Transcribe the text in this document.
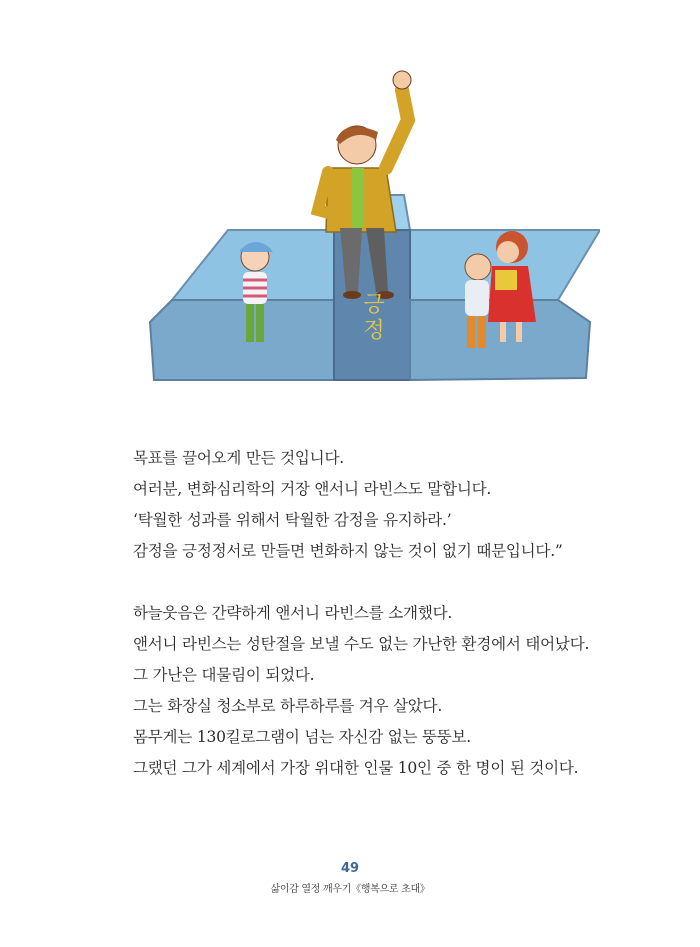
긍정

목표를 끌어오게 만든 것입니다.

여러분, 변화심리학의 거장 앤서니 라빈스도 말합니다.

‘탁월한 성과를 위해서 탁월한 감정을 유지하라.’

감정을 긍정정서로 만들면 변화하지 않는 것이 없기 때문입니다.”

하늘웃음은 간략하게 앤서니 라빈스를 소개했다.

앤서니 라빈스는 성탄절을 보낼 수도 없는 가난한 환경에서 태어났다.

그 가난은 대물림이 되었다.

그는 화장실 청소부로 하루하루를 겨우 살았다.

몸무게는 130킬로그램이 넘는 자신감 없는 뚱뚱보.

그랬던 그가 세계에서 가장 위대한 인물 10인 중 한 명이 된 것이다.

49
삶이감 열정 깨우기《행복으로 초대》
